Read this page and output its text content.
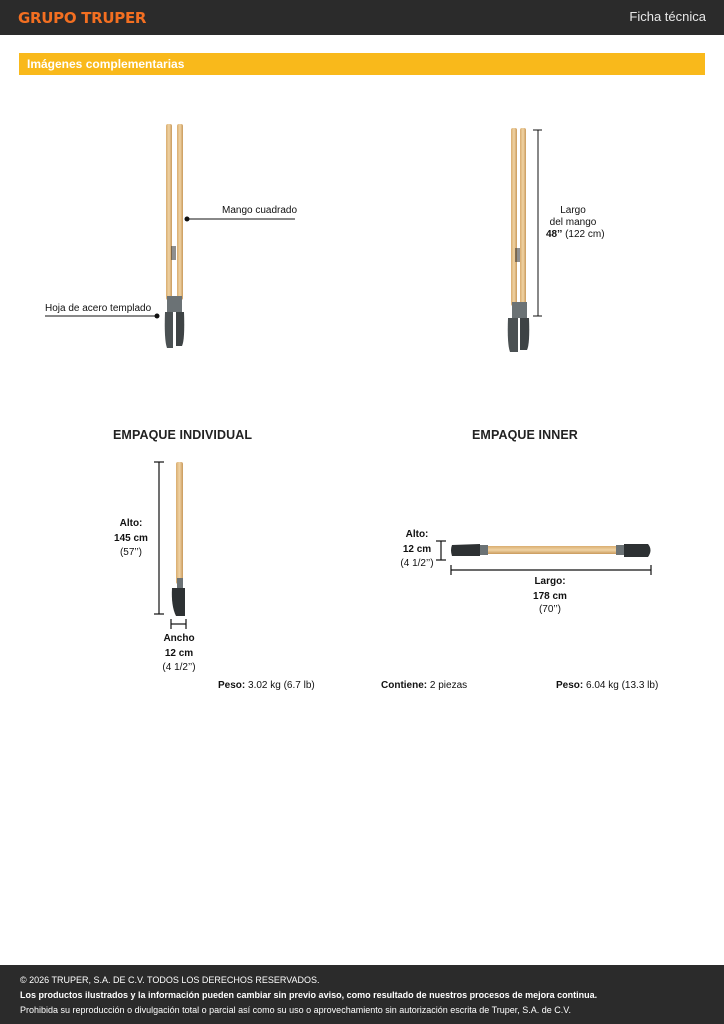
GRUPO TRUPER	Ficha técnica
Imágenes complementarias
Mango cuadrado
Hoja de acero templado
Largo
del mango
48’’ (122 cm)
EMPAQUE INDIVIDUAL
Alto:
145 cm
(57’’)
Ancho
12 cm
(4 1/2’’)
Peso: 3.02 kg (6.7 lb)
EMPAQUE INNER
Alto:
12 cm
(4 1/2’’)
Largo:
178 cm
(70’’)
Contiene: 2 piezas	Peso: 6.04 kg (13.3 lb)
© 2026 TRUPER, S.A. DE C.V. TODOS LOS DERECHOS RESERVADOS.
Los productos ilustrados y la información pueden cambiar sin previo aviso, como resultado de nuestros procesos de mejora continua.
Prohibida su reproducción o divulgación total o parcial así como su uso o aprovechamiento sin autorización escrita de Truper, S.A. de C.V.
